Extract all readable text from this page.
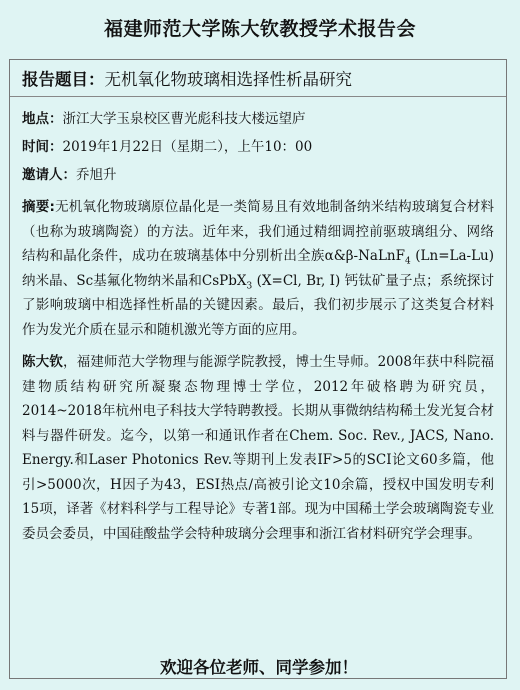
福建师范大学陈大钦教授学术报告会
报告题目：无机氧化物玻璃相选择性析晶研究
地点：浙江大学玉泉校区曹光彪科技大楼远望庐
时间：2019年1月22日（星期二），上午10：00
邀请人：乔旭升
摘要:无机氧化物玻璃原位晶化是一类简易且有效地制备纳米结构玻璃复合材料（也称为玻璃陶瓷）的方法。近年来，我们通过精细调控前驱玻璃组分、网络结构和晶化条件，成功在玻璃基体中分别析出全族α&β-NaLnF$_4$ (Ln=La-Lu) 纳米晶、Sc基氟化物纳米晶和CsPbX$_3$ (X=Cl, Br, I) 钙钛矿量子点；系统探讨了影响玻璃中相选择性析晶的关键因素。最后，我们初步展示了这类复合材料作为发光介质在显示和随机激光等方面的应用。
陈大钦，福建师范大学物理与能源学院教授，博士生导师。2008年获中科院福建物质结构研究所凝聚态物理博士学位，2012年破格聘为研究员，2014~2018年杭州电子科技大学特聘教授。长期从事微纳结构稀土发光复合材料与器件研发。迄今，以第一和通讯作者在Chem. Soc. Rev., JACS, Nano. Energy.和Laser Photonics Rev.等期刊上发表IF>5的SCI论文60多篇，他引>5000次，H因子为43，ESI热点/高被引论文10余篇，授权中国发明专利15项，译著《材料科学与工程导论》专著1部。现为中国稀土学会玻璃陶瓷专业委员会委员，中国硅酸盐学会特种玻璃分会理事和浙江省材料研究学会理事。
欢迎各位老师、同学参加！
